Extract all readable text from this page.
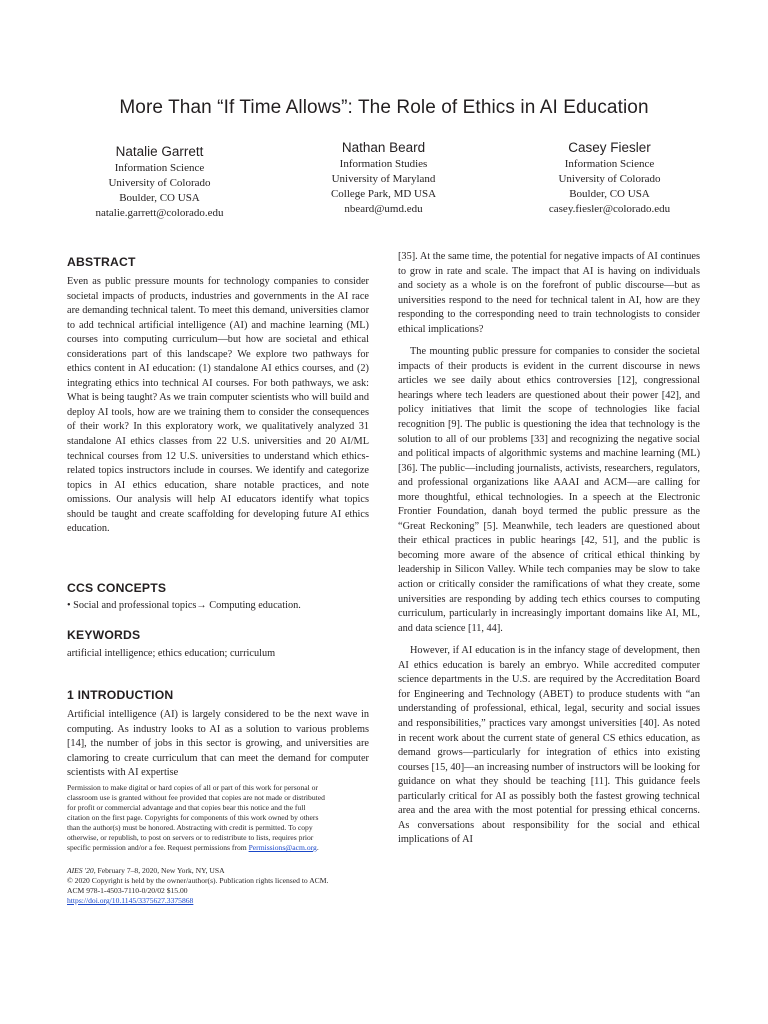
More Than “If Time Allows”: The Role of Ethics in AI Education
Natalie Garrett
Information Science
University of Colorado
Boulder, CO USA
natalie.garrett@colorado.edu
Nathan Beard
Information Studies
University of Maryland
College Park, MD USA
nbeard@umd.edu
Casey Fiesler
Information Science
University of Colorado
Boulder, CO USA
casey.fiesler@colorado.edu
ABSTRACT

Even as public pressure mounts for technology companies to consider societal impacts of products, industries and governments in the AI race are demanding technical talent. To meet this demand, universities clamor to add technical artificial intelligence (AI) and machine learning (ML) courses into computing curriculum—but how are societal and ethical considerations part of this landscape? We explore two pathways for ethics content in AI education: (1) standalone AI ethics courses, and (2) integrating ethics into technical AI courses. For both pathways, we ask: What is being taught? As we train computer scientists who will build and deploy AI tools, how are we training them to consider the consequences of their work? In this exploratory work, we qualitatively analyzed 31 standalone AI ethics classes from 22 U.S. universities and 20 AI/ML technical courses from 12 U.S. universities to understand which ethics-related topics instructors include in courses. We identify and categorize topics in AI ethics education, share notable practices, and note omissions. Our analysis will help AI educators identify what topics should be taught and create scaffolding for developing future AI ethics education.

CCS CONCEPTS

• Social and professional topics→ Computing education.

KEYWORDS

artificial intelligence; ethics education; curriculum

1 INTRODUCTION

Artificial intelligence (AI) is largely considered to be the next wave in computing. As industry looks to AI as a solution to various problems [14], the number of jobs in this sector is growing, and universities are clamoring to create curriculum that can meet the demand for computer scientists with AI expertise

Permission to make digital or hard copies of all or part of this work for personal or
classroom use is granted without fee provided that copies are not made or distributed
for profit or commercial advantage and that copies bear this notice and the full
citation on the first page. Copyrights for components of this work owned by others
than the author(s) must be honored. Abstracting with credit is permitted. To copy
otherwise, or republish, to post on servers or to redistribute to lists, requires prior
specific permission and/or a fee. Request permissions from Permissions@acm.org.
AIES '20, February 7–8, 2020, New York, NY, USA
© 2020 Copyright is held by the owner/author(s). Publication rights licensed to ACM.
ACM 978-1-4503-7110-0/20/02 $15.00
https://doi.org/10.1145/3375627.3375868

[35]. At the same time, the potential for negative impacts of AI continues to grow in rate and scale. The impact that AI is having on individuals and society as a whole is on the forefront of public discourse—but as universities respond to the need for technical talent in AI, how are they responding to the corresponding need to train technologists to consider ethical implications?

The mounting public pressure for companies to consider the societal impacts of their products is evident in the current discourse in news articles we see daily about ethics controversies [12], congressional hearings where tech leaders are questioned about their power [42], and policy initiatives that limit the scope of technologies like facial recognition [9]. The public is questioning the idea that technology is the solution to all of our problems [33] and recognizing the negative social and political impacts of algorithmic systems and machine learning (ML) [36]. The public—including journalists, activists, researchers, regulators, and professional organizations like AAAI and ACM—are calling for more thoughtful, ethical technologies. In a speech at the Electronic Frontier Foundation, danah boyd termed the public pressure as the “Great Reckoning” [5]. Meanwhile, tech leaders are questioned about their ethical practices in public hearings [42, 51], and the public is becoming more aware of the absence of critical ethical thinking by leadership in Silicon Valley. While tech companies may be slow to take action or critically consider the ramifications of what they create, some universities are responding by adding tech ethics courses to computing curriculum, particularly in increasingly important domains like AI, ML, and data science [11, 44].

However, if AI education is in the infancy stage of development, then AI ethics education is barely an embryo. While accredited computer science departments in the U.S. are required by the Accreditation Board for Engineering and Technology (ABET) to produce students with “an understanding of professional, ethical, legal, security and social issues and responsibilities,” practices vary amongst universities [40]. As noted in recent work about the current state of general CS ethics education, as demand grows—particularly for integration of ethics into existing courses [15, 40]—an increasing number of instructors will be looking for guidance on what they should be teaching [11]. This guidance feels particularly critical for AI as possibly both the fastest growing technical area and the area with the most potential for pressing ethical concerns. As conversations about responsibility for the social and ethical implications of AI
